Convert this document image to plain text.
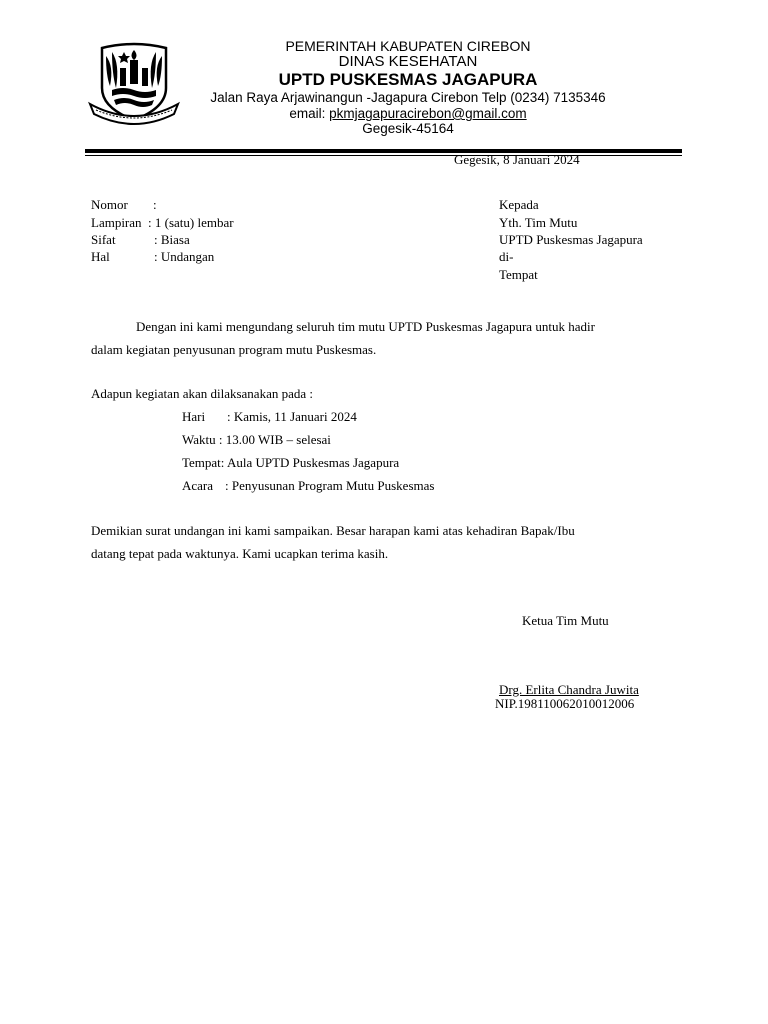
PEMERINTAH KABUPATEN CIREBON
DINAS KESEHATAN
UPTD PUSKESMAS JAGAPURA
Jalan Raya Arjawinangun -Jagapura Cirebon Telp (0234) 7135346
email: pkmjagapuracirebon@gmail.com
Gegesik-45164
Gegesik, 8 Januari 2024
Nomor :
Lampiran : 1 (satu) lembar
Sifat	: Biasa
Hal	: Undangan
Kepada
Yth. Tim Mutu
UPTD Puskesmas Jagapura
di-
Tempat
Dengan ini kami mengundang seluruh tim mutu UPTD Puskesmas Jagapura untuk hadir
dalam kegiatan penyusunan program mutu Puskesmas.
Adapun kegiatan akan dilaksanakan pada :
Hari : Kamis, 11 Januari 2024
Waktu : 13.00 WIB – selesai
Tempat: Aula UPTD Puskesmas Jagapura
Acara : Penyusunan Program Mutu Puskesmas
Demikian surat undangan ini kami sampaikan. Besar harapan kami atas kehadiran Bapak/Ibu
datang tepat pada waktunya. Kami ucapkan terima kasih.
Ketua Tim Mutu
Drg. Erlita Chandra Juwita
NIP.198110062010012006
